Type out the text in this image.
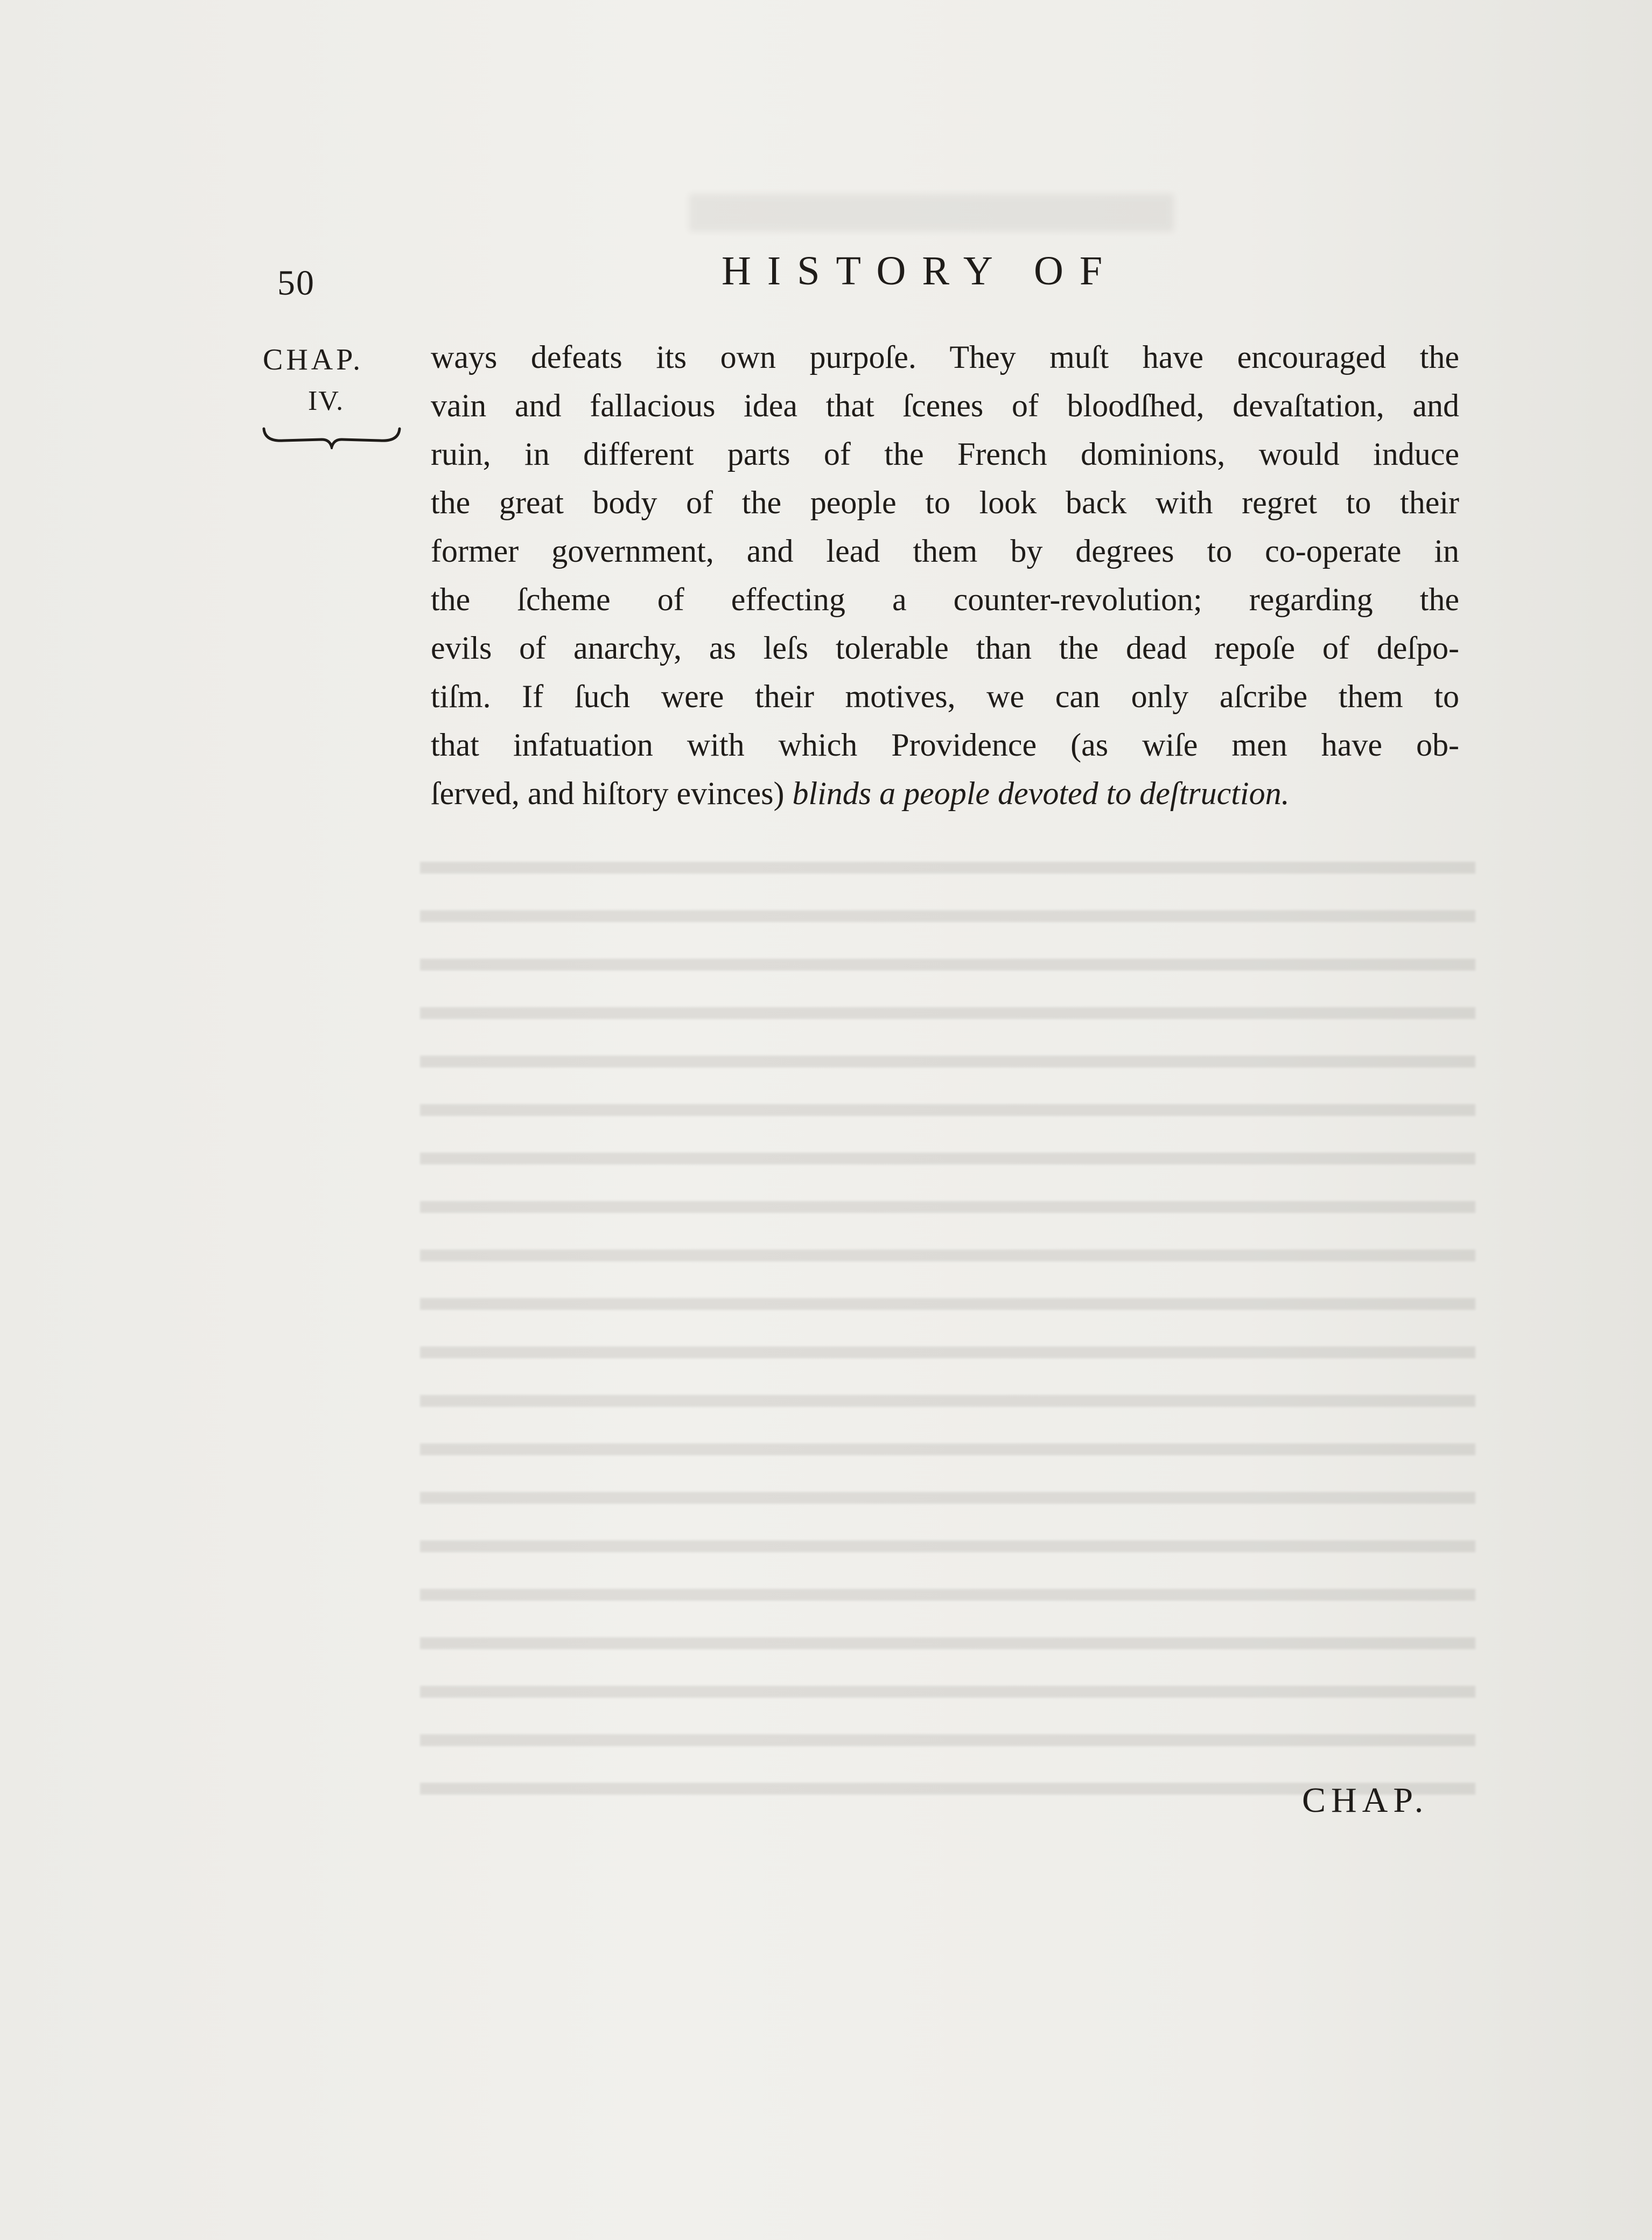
50	HISTORY OF
CHAP.
IV.
ways defeats its own purpoſe. They muſt have encouraged the
vain and fallacious idea that ſcenes of bloodſhed, devaſtation, and
ruin, in different parts of the French dominions, would induce
the great body of the people to look back with regret to their
former government, and lead them by degrees to co-operate in
the ſcheme of effecting a counter-revolution; regarding the
evils of anarchy, as leſs tolerable than the dead repoſe of deſpo-
tiſm. If ſuch were their motives, we can only aſcribe them to
that infatuation with which Providence (as wiſe men have ob-
ſerved, and hiſtory evinces) blinds a people devoted to deſtruction.
CHAP.
